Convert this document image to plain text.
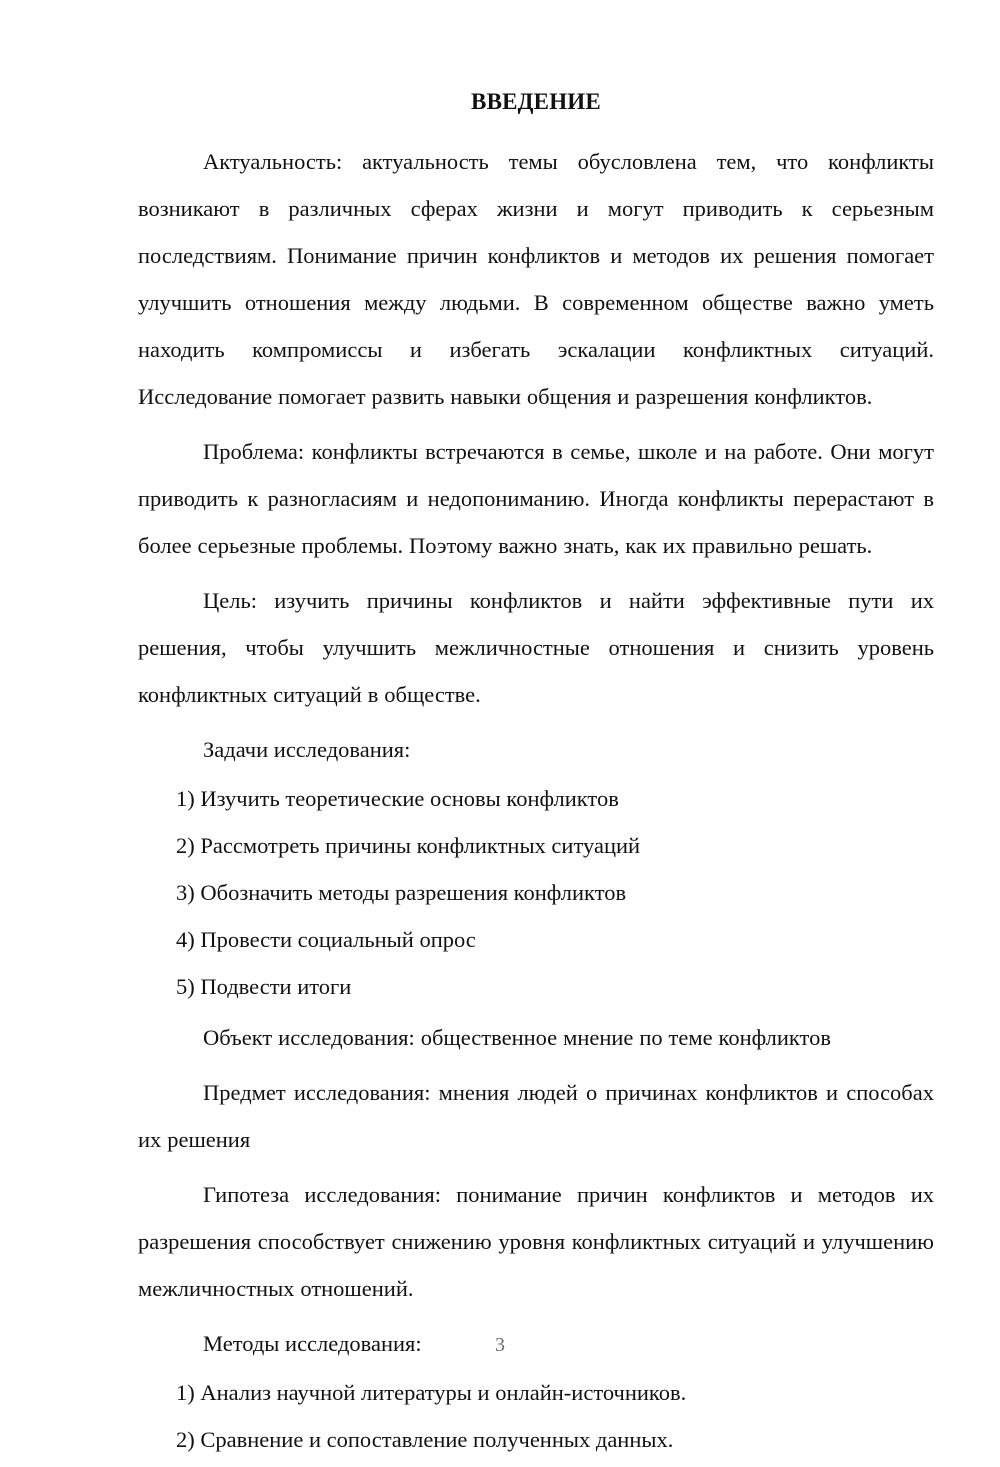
ВВЕДЕНИЕ

Актуальность: актуальность темы обусловлена тем, что конфликты возникают в различных сферах жизни и могут приводить к серьезным последствиям. Понимание причин конфликтов и методов их решения помогает улучшить отношения между людьми. В современном обществе важно уметь находить компромиссы и избегать эскалации конфликтных ситуаций. Исследование помогает развить навыки общения и разрешения конфликтов.

Проблема: конфликты встречаются в семье, школе и на работе. Они могут приводить к разногласиям и недопониманию. Иногда конфликты перерастают в более серьезные проблемы. Поэтому важно знать, как их правильно решать.

Цель: изучить причины конфликтов и найти эффективные пути их решения, чтобы улучшить межличностные отношения и снизить уровень конфликтных ситуаций в обществе.

Задачи исследования:

1) Изучить теоретические основы конфликтов
2) Рассмотреть причины конфликтных ситуаций
3) Обозначить методы разрешения конфликтов
4) Провести социальный опрос
5) Подвести итоги

Объект исследования: общественное мнение по теме конфликтов

Предмет исследования: мнения людей о причинах конфликтов и способах их решения

Гипотеза исследования: понимание причин конфликтов и методов их разрешения способствует снижению уровня конфликтных ситуаций и улучшению межличностных отношений.

Методы исследования:

1) Анализ научной литературы и онлайн-источников.
2) Сравнение и сопоставление полученных данных.
3
